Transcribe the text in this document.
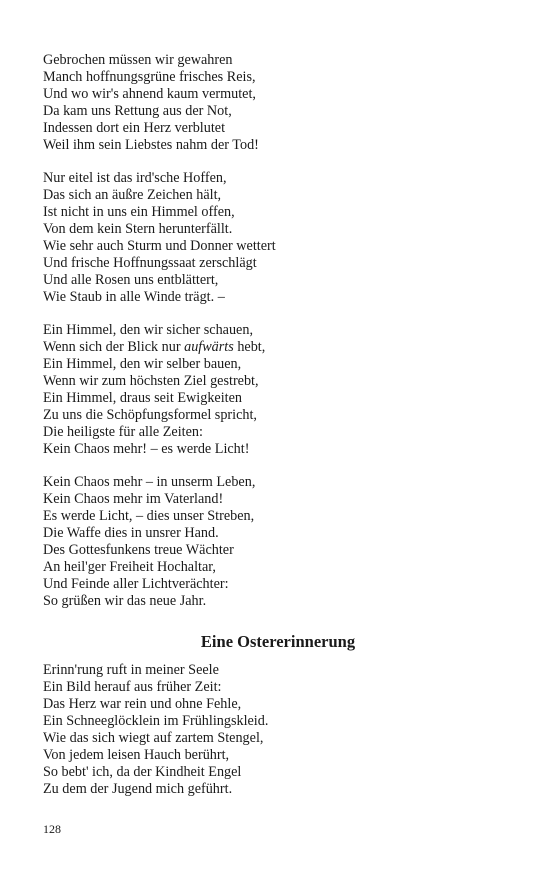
Gebrochen müssen wir gewahren
Manch hoffnungsgrüne frisches Reis,
Und wo wir's ahnend kaum vermutet,
Da kam uns Rettung aus der Not,
Indessen dort ein Herz verblutet
Weil ihm sein Liebstes nahm der Tod!
Nur eitel ist das ird'sche Hoffen,
Das sich an äußre Zeichen hält,
Ist nicht in uns ein Himmel offen,
Von dem kein Stern herunterfällt.
Wie sehr auch Sturm und Donner wettert
Und frische Hoffnungssaat zerschlägt
Und alle Rosen uns entblättert,
Wie Staub in alle Winde trägt. –
Ein Himmel, den wir sicher schauen,
Wenn sich der Blick nur aufwärts hebt,
Ein Himmel, den wir selber bauen,
Wenn wir zum höchsten Ziel gestrebt,
Ein Himmel, draus seit Ewigkeiten
Zu uns die Schöpfungsformel spricht,
Die heiligste für alle Zeiten:
Kein Chaos mehr! – es werde Licht!
Kein Chaos mehr – in unserm Leben,
Kein Chaos mehr im Vaterland!
Es werde Licht, – dies unser Streben,
Die Waffe dies in unsrer Hand.
Des Gottesfunkens treue Wächter
An heil'ger Freiheit Hochaltar,
Und Feinde aller Lichtverächter:
So grüßen wir das neue Jahr.
Eine Ostererinnerung
Erinn'rung ruft in meiner Seele
Ein Bild herauf aus früher Zeit:
Das Herz war rein und ohne Fehle,
Ein Schneeglöcklein im Frühlingskleid.
Wie das sich wiegt auf zartem Stengel,
Von jedem leisen Hauch berührt,
So bebt' ich, da der Kindheit Engel
Zu dem der Jugend mich geführt.
128
